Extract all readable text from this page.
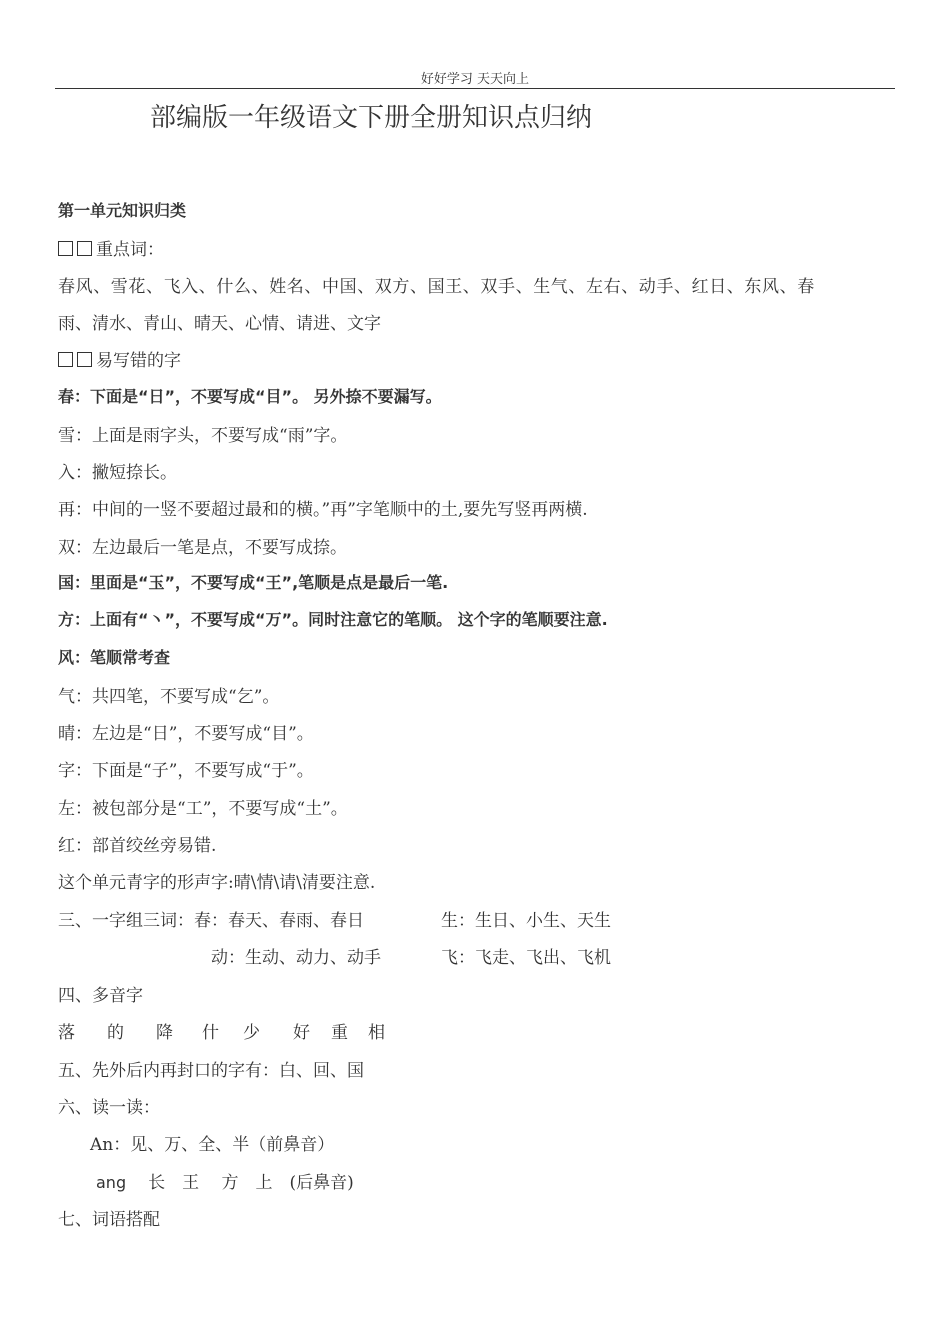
好好学习 天天向上
部编版一年级语文下册全册知识点归纳
第一单元知识归类
重点词：
春风、雪花、飞入、什么、姓名、中国、双方、国王、双手、生气、左右、动手、红日、东风、春
雨、清水、青山、晴天、心情、请进、文字
易写错的字
春：下面是“日”，不要写成“目”。 另外捺不要漏写。
雪：上面是雨字头，不要写成“雨”字。
入：撇短捺长。
再：中间的一竖不要超过最和的横。”再”字笔顺中的土,要先写竖再两横.
双：左边最后一笔是点，不要写成捺。
国：里面是“玉”，不要写成“王”,笔顺是点是最后一笔.
方：上面有“丶”，不要写成“万”。同时注意它的笔顺。 这个字的笔顺要注意.
风：笔顺常考查
气：共四笔，不要写成“乞”。
晴：左边是“日”，不要写成“目”。
字：下面是“子”，不要写成“于”。
左：被包部分是“工”，不要写成“土”。
红：部首绞丝旁易错.
这个单元青字的形声字:晴\情\请\清要注意.
三、一字组三词：春：春天、春雨、春日	生：生日、小生、天生
动：生动、动力、动手	飞：飞走、飞出、飞机
四、多音字
落 的 降 什 少 好 重 相
五、先外后内再封口的字有：白、回、国
六、读一读：
An：见、万、全、半（前鼻音）
ang 长　王　 方　上　(后鼻音)
七、词语搭配
